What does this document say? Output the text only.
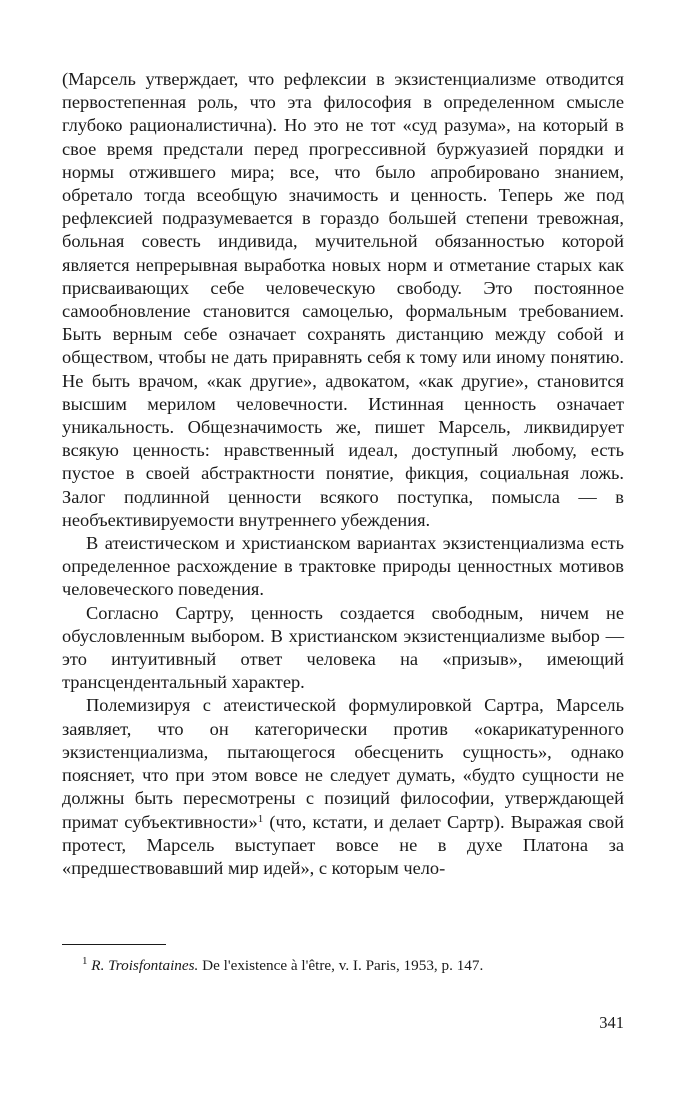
(Марсель утверждает, что рефлексии в экзистенциализме отводится первостепенная роль, что эта философия в определенном смысле глубоко рационалистична). Но это не тот «суд разума», на который в свое время предстали перед прогрессивной буржуазией порядки и нормы отжившего мира; все, что было апробировано знанием, обретало тогда всеобщую значимость и ценность. Теперь же под рефлексией подразумевается в гораздо большей степени тревожная, больная совесть индивида, мучительной обязанностью которой является непрерывная выработка новых норм и отметание старых как присваивающих себе человеческую свободу. Это постоянное самообновление становится самоцелью, формальным требованием. Быть верным себе означает сохранять дистанцию между собой и обществом, чтобы не дать приравнять себя к тому или иному понятию. Не быть врачом, «как другие», адвокатом, «как другие», становится высшим мерилом человечности. Истинная ценность означает уникальность. Общезначимость же, пишет Марсель, ликвидирует всякую ценность: нравственный идеал, доступный любому, есть пустое в своей абстрактности понятие, фикция, социальная ложь. Залог подлинной ценности всякого поступка, помысла — в необъективируемости внутреннего убеждения.

В атеистическом и христианском вариантах экзистенциализма есть определенное расхождение в трактовке природы ценностных мотивов человеческого поведения.

Согласно Сартру, ценность создается свободным, ничем не обусловленным выбором. В христианском экзистенциализме выбор — это интуитивный ответ человека на «призыв», имеющий трансцендентальный характер.

Полемизируя с атеистической формулировкой Сартра, Марсель заявляет, что он категорически против «окарикатуренного экзистенциализма, пытающегося обесценить сущность», однако поясняет, что при этом вовсе не следует думать, «будто сущности не должны быть пересмотрены с позиций философии, утверждающей примат субъективности»$^1$ (что, кстати, и делает Сартр). Выражая свой протест, Марсель выступает вовсе не в духе Платона за «предшествовавший мир идей», с которым чело-

$^1$ R. Troisfontaines. De l'existence à l'être, v. I. Paris, 1953, p. 147.
341
